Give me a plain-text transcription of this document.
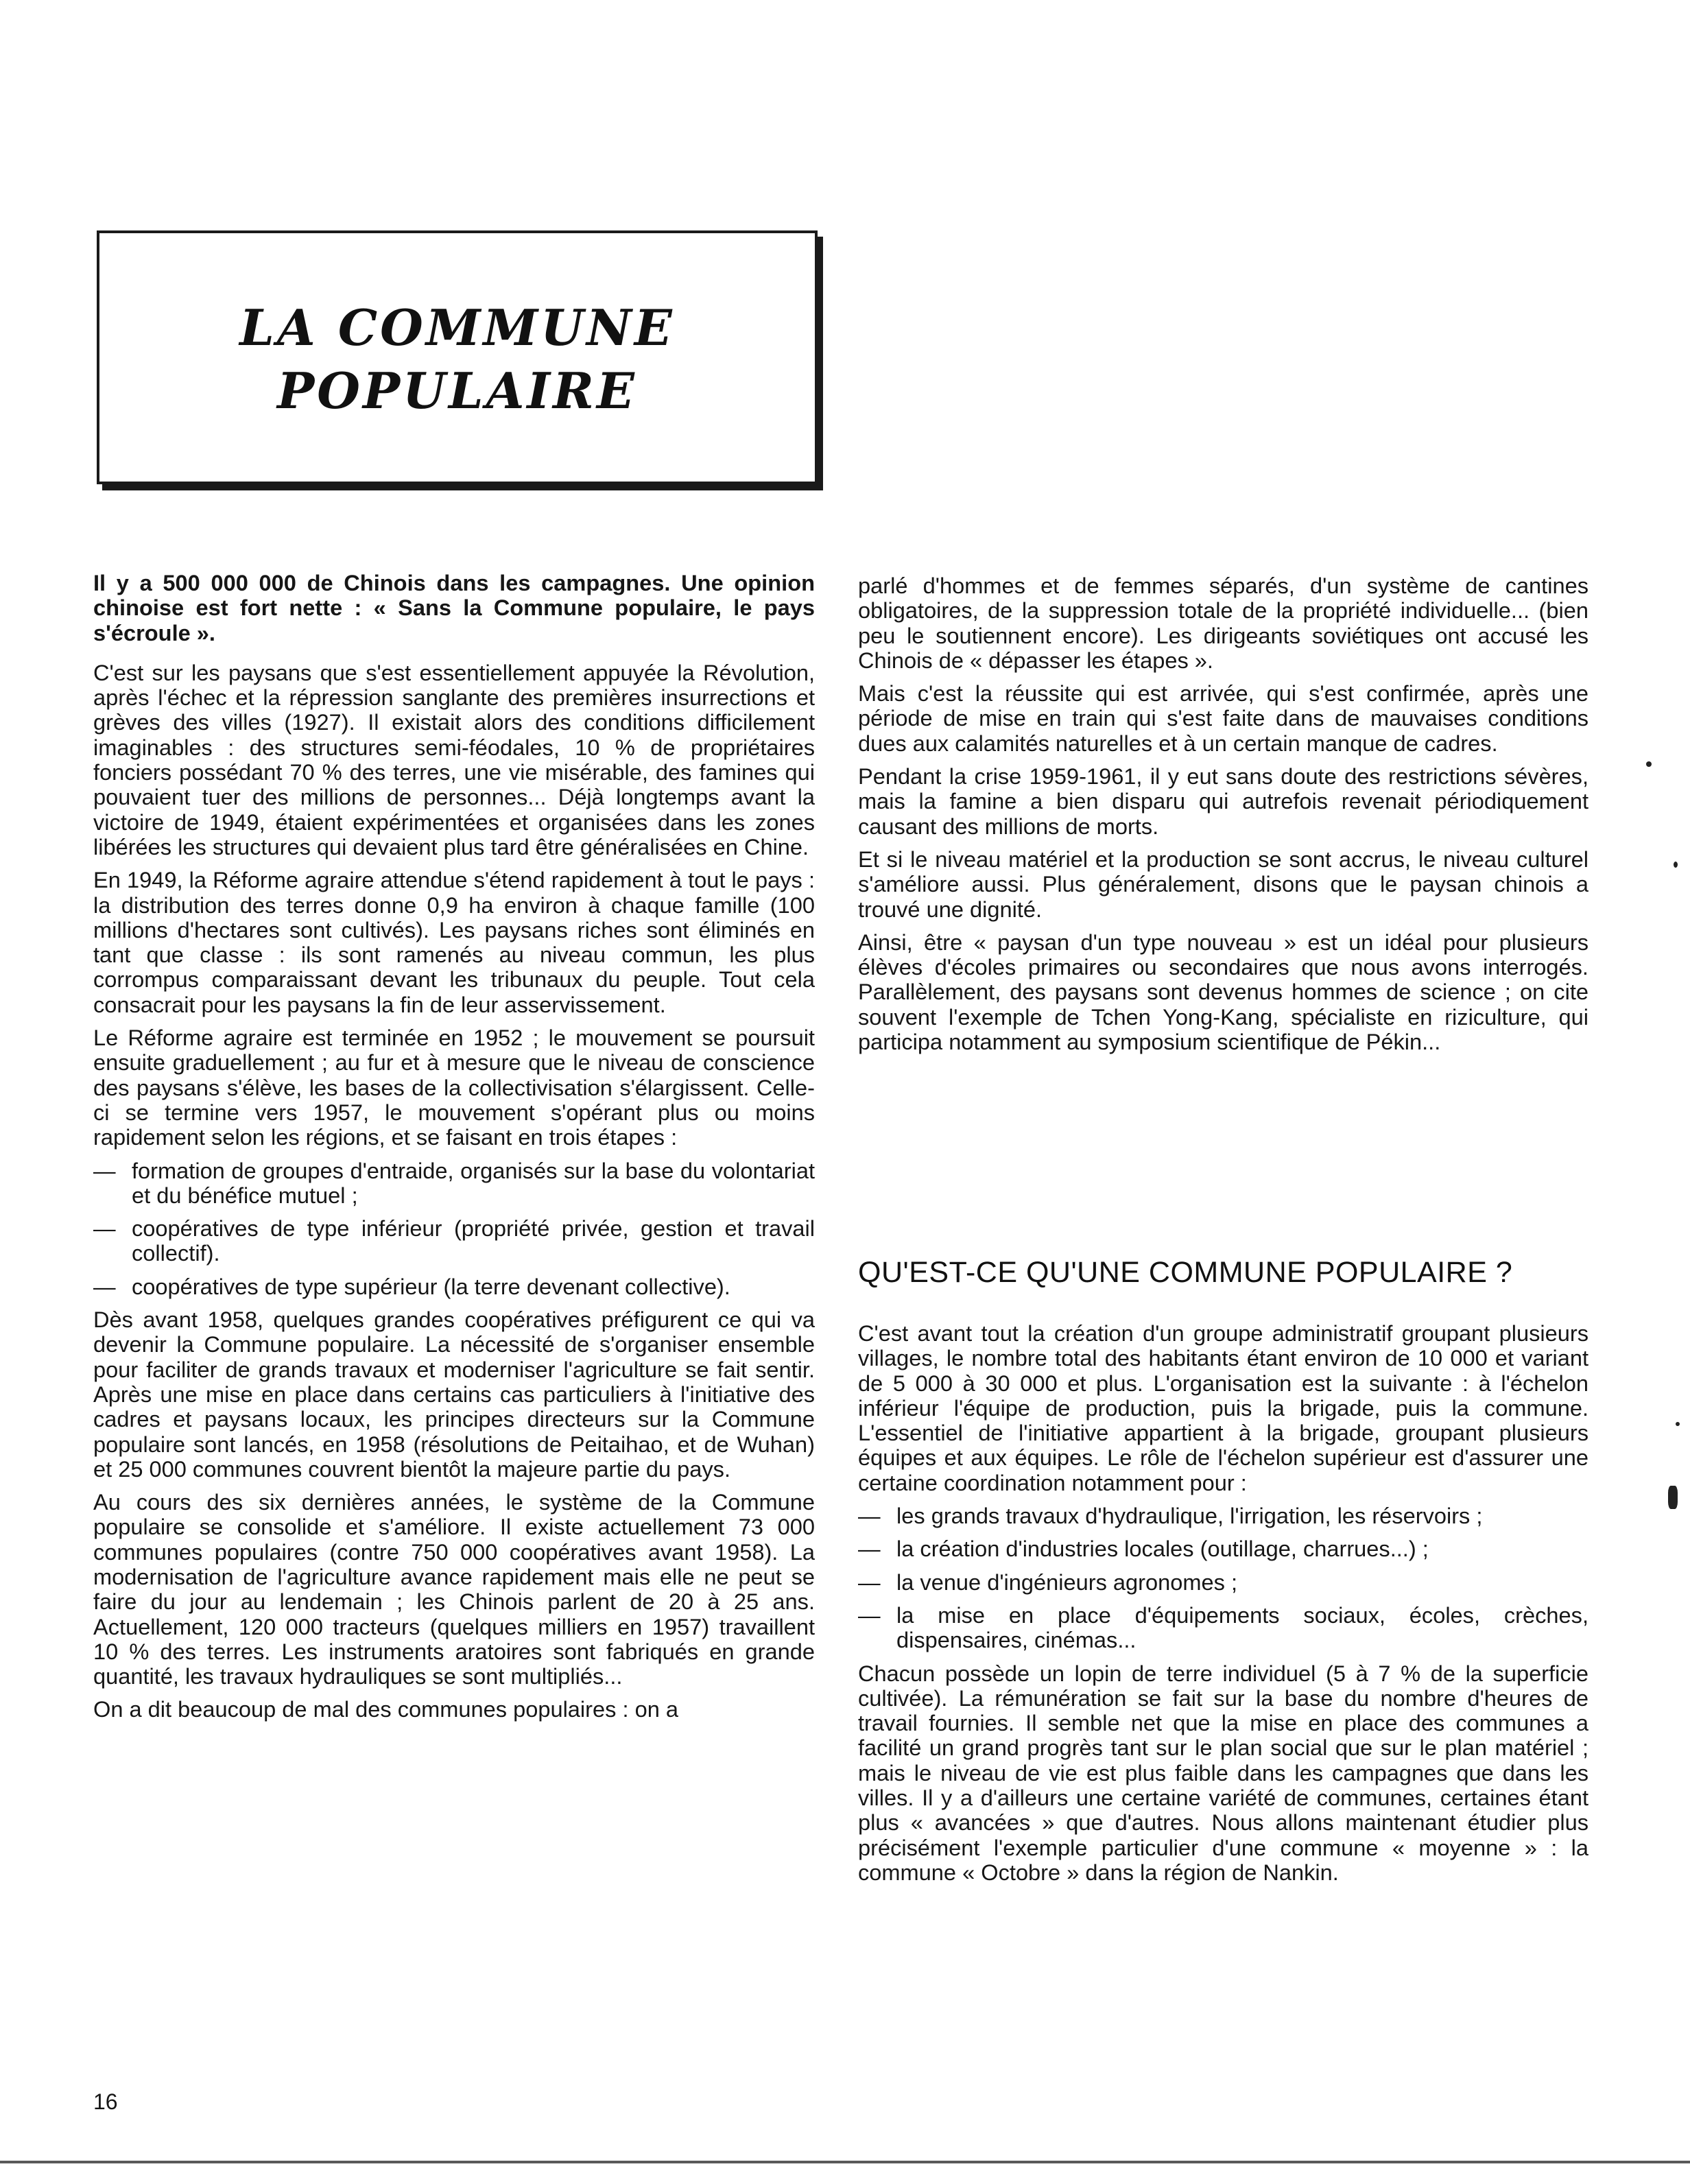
LA COMMUNE
POPULAIRE

Il y a 500 000 000 de Chinois dans les campagnes. Une opinion chinoise est fort nette : « Sans la Commune populaire, le pays s'écroule ».

C'est sur les paysans que s'est essentiellement appuyée la Révolution, après l'échec et la répression sanglante des premières insurrections et grèves des villes (1927). Il existait alors des conditions difficilement imaginables : des structures semi-féodales, 10 % de propriétaires fonciers possédant 70 % des terres, une vie misérable, des famines qui pouvaient tuer des millions de personnes... Déjà longtemps avant la victoire de 1949, étaient expérimentées et organisées dans les zones libérées les structures qui devaient plus tard être généralisées en Chine.

En 1949, la Réforme agraire attendue s'étend rapidement à tout le pays : la distribution des terres donne 0,9 ha environ à chaque famille (100 millions d'hectares sont cultivés). Les paysans riches sont éliminés en tant que classe : ils sont ramenés au niveau commun, les plus corrompus comparaissant devant les tribunaux du peuple. Tout cela consacrait pour les paysans la fin de leur asservissement.

Le Réforme agraire est terminée en 1952 ; le mouvement se poursuit ensuite graduellement ; au fur et à mesure que le niveau de conscience des paysans s'élève, les bases de la collectivisation s'élargissent. Celle-ci se termine vers 1957, le mouvement s'opérant plus ou moins rapidement selon les régions, et se faisant en trois étapes :

— formation de groupes d'entraide, organisés sur la base du volontariat et du bénéfice mutuel ;

— coopératives de type inférieur (propriété privée, gestion et travail collectif).

— coopératives de type supérieur (la terre devenant collective).

Dès avant 1958, quelques grandes coopératives préfigurent ce qui va devenir la Commune populaire. La nécessité de s'organiser ensemble pour faciliter de grands travaux et moderniser l'agriculture se fait sentir. Après une mise en place dans certains cas particuliers à l'initiative des cadres et paysans locaux, les principes directeurs sur la Commune populaire sont lancés, en 1958 (résolutions de Peitaihao, et de Wuhan) et 25 000 communes couvrent bientôt la majeure partie du pays.

Au cours des six dernières années, le système de la Commune populaire se consolide et s'améliore. Il existe actuellement 73 000 communes populaires (contre 750 000 coopératives avant 1958). La modernisation de l'agriculture avance rapidement mais elle ne peut se faire du jour au lendemain ; les Chinois parlent de 20 à 25 ans. Actuellement, 120 000 tracteurs (quelques milliers en 1957) travaillent 10 % des terres. Les instruments aratoires sont fabriqués en grande quantité, les travaux hydrauliques se sont multipliés...

On a dit beaucoup de mal des communes populaires : on a

parlé d'hommes et de femmes séparés, d'un système de cantines obligatoires, de la suppression totale de la propriété individuelle... (bien peu le soutiennent encore). Les dirigeants soviétiques ont accusé les Chinois de « dépasser les étapes ».

Mais c'est la réussite qui est arrivée, qui s'est confirmée, après une période de mise en train qui s'est faite dans de mauvaises conditions dues aux calamités naturelles et à un certain manque de cadres.

Pendant la crise 1959-1961, il y eut sans doute des restrictions sévères, mais la famine a bien disparu qui autrefois revenait périodiquement causant des millions de morts.

Et si le niveau matériel et la production se sont accrus, le niveau culturel s'améliore aussi. Plus généralement, disons que le paysan chinois a trouvé une dignité.

Ainsi, être « paysan d'un type nouveau » est un idéal pour plusieurs élèves d'écoles primaires ou secondaires que nous avons interrogés. Parallèlement, des paysans sont devenus hommes de science ; on cite souvent l'exemple de Tchen Yong-Kang, spécialiste en riziculture, qui participa notamment au symposium scientifique de Pékin...

QU'EST-CE QU'UNE COMMUNE POPULAIRE ?

C'est avant tout la création d'un groupe administratif groupant plusieurs villages, le nombre total des habitants étant environ de 10 000 et variant de 5 000 à 30 000 et plus. L'organisation est la suivante : à l'échelon inférieur l'équipe de production, puis la brigade, puis la commune. L'essentiel de l'initiative appartient à la brigade, groupant plusieurs équipes et aux équipes. Le rôle de l'échelon supérieur est d'assurer une certaine coordination notamment pour :

— les grands travaux d'hydraulique, l'irrigation, les réservoirs ;

— la création d'industries locales (outillage, charrues...) ;

— la venue d'ingénieurs agronomes ;

— la mise en place d'équipements sociaux, écoles, crèches, dispensaires, cinémas...

Chacun possède un lopin de terre individuel (5 à 7 % de la superficie cultivée). La rémunération se fait sur la base du nombre d'heures de travail fournies. Il semble net que la mise en place des communes a facilité un grand progrès tant sur le plan social que sur le plan matériel ; mais le niveau de vie est plus faible dans les campagnes que dans les villes. Il y a d'ailleurs une certaine variété de communes, certaines étant plus « avancées » que d'autres. Nous allons maintenant étudier plus précisément l'exemple particulier d'une commune « moyenne » : la commune « Octobre » dans la région de Nankin.

16
